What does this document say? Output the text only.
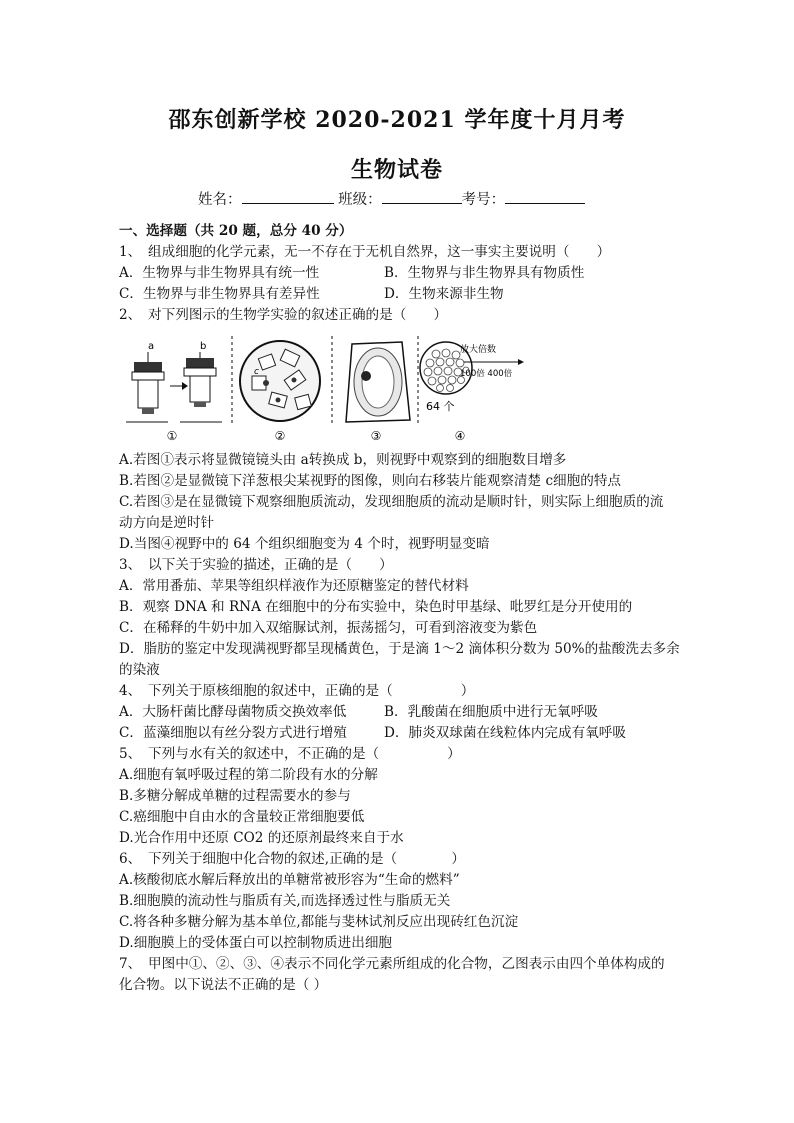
邵东创新学校 2020-2021 学年度十月月考
生物试卷
姓名：	班级：	考号：
一、选择题（共 20 题，总分 40 分）
1、　组成细胞的化学元素，无一不存在于无机自然界，这一事实主要说明（　　）
A．生物界与非生物界具有统一性	B．生物界与非生物界具有物质性
C．生物界与非生物界具有差异性	D．生物来源非生物
2、　对下列图示的生物学实验的叙述正确的是（　　）
a	b
c
放大倍数
100倍 400倍
64 个
①	②	③	④
A.若图①表示将显微镜镜头由 a转换成 b，则视野中观察到的细胞数目增多
B.若图②是显微镜下洋葱根尖某视野的图像，则向右移装片能观察清楚 c细胞的特点
C.若图③是在显微镜下观察细胞质流动，发现细胞质的流动是顺时针，则实际上细胞质的流
动方向是逆时针
D.当图④视野中的 64 个组织细胞变为 4 个时，视野明显变暗
3、　以下关于实验的描述，正确的是（　　）
A．常用番茄、苹果等组织样液作为还原糖鉴定的替代材料
B．观察 DNA 和 RNA 在细胞中的分布实验中，染色时甲基绿、吡罗红是分开使用的
C．在稀释的牛奶中加入双缩脲试剂，振荡摇匀，可看到溶液变为紫色
D．脂肪的鉴定中发现满视野都呈现橘黄色，于是滴 1～2 滴体积分数为 50%的盐酸洗去多余
的染液
4、　下列关于原核细胞的叙述中，正确的是（　　　　　）
A．大肠杆菌比酵母菌物质交换效率低	B．乳酸菌在细胞质中进行无氧呼吸
C．蓝藻细胞以有丝分裂方式进行增殖	D．肺炎双球菌在线粒体内完成有氧呼吸
5、　下列与水有关的叙述中，不正确的是（　　　　　）
A.细胞有氧呼吸过程的第二阶段有水的分解
B.多糖分解成单糖的过程需要水的参与
C.癌细胞中自由水的含量较正常细胞要低
D.光合作用中还原 CO2 的还原剂最终来自于水
6、　下列关于细胞中化合物的叙述,正确的是（　　　　）
A.核酸彻底水解后释放出的单糖常被形容为“生命的燃料”
B.细胞膜的流动性与脂质有关,而选择透过性与脂质无关
C.将各种多糖分解为基本单位,都能与斐林试剂反应出现砖红色沉淀
D.细胞膜上的受体蛋白可以控制物质进出细胞
7、　甲图中①、②、③、④表示不同化学元素所组成的化合物，乙图表示由四个单体构成的
化合物。以下说法不正确的是（ ）
